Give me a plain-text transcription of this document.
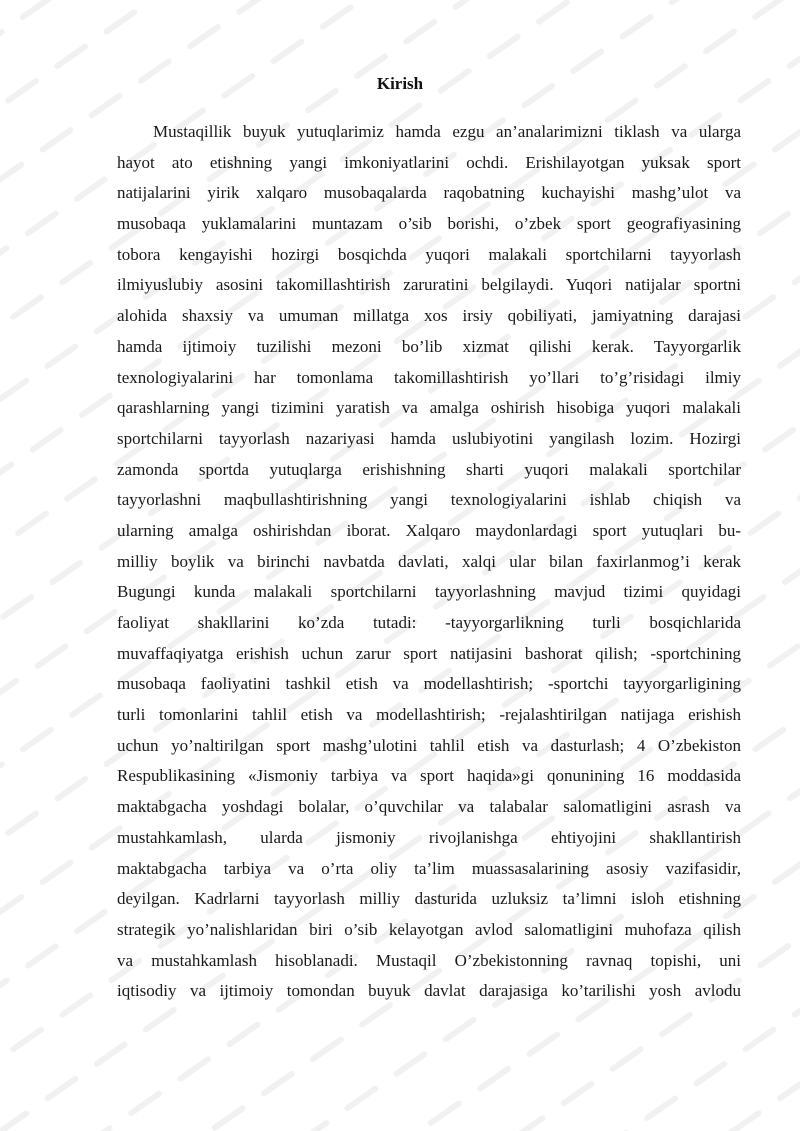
Kirish
Mustaqillik buyuk yutuqlarimiz hamda ezgu an’analarimizni tiklash va ularga
hayot ato etishning yangi imkoniyatlarini ochdi. Erishilayotgan yuksak sport
natijalarini yirik xalqaro musobaqalarda raqobatning kuchayishi mashg’ulot va
musobaqa yuklamalarini muntazam o’sib borishi, o’zbek sport geografiyasining
tobora kengayishi hozirgi bosqichda yuqori malakali sportchilarni tayyorlash
ilmiyuslubiy asosini takomillashtirish zaruratini belgilaydi. Yuqori natijalar sportni
alohida shaxsiy va umuman millatga xos irsiy qobiliyati, jamiyatning darajasi
hamda ijtimoiy tuzilishi mezoni bo’lib xizmat qilishi kerak. Tayyorgarlik
texnologiyalarini har tomonlama takomillashtirish yo’llari to’g’risidagi ilmiy
qarashlarning yangi tizimini yaratish va amalga oshirish hisobiga yuqori malakali
sportchilarni tayyorlash nazariyasi hamda uslubiyotini yangilash lozim. Hozirgi
zamonda sportda yutuqlarga erishishning sharti yuqori malakali sportchilar
tayyorlashni maqbullashtirishning yangi texnologiyalarini ishlab chiqish va
ularning amalga oshirishdan iborat. Xalqaro maydonlardagi sport yutuqlari bu-
milliy boylik va birinchi navbatda davlati, xalqi ular bilan faxirlanmog’i kerak
Bugungi kunda malakali sportchilarni tayyorlashning mavjud tizimi quyidagi
faoliyat shakllarini ko’zda tutadi: -tayyorgarlikning turli bosqichlarida
muvaffaqiyatga erishish uchun zarur sport natijasini bashorat qilish; -sportchining
musobaqa faoliyatini tashkil etish va modellashtirish; -sportchi tayyorgarligining
turli tomonlarini tahlil etish va modellashtirish; -rejalashtirilgan natijaga erishish
uchun yo’naltirilgan sport mashg’ulotini tahlil etish va dasturlash; 4 O’zbekiston
Respublikasining «Jismoniy tarbiya va sport haqida»gi qonunining 16 moddasida
maktabgacha yoshdagi bolalar, o’quvchilar va talabalar salomatligini asrash va
mustahkamlash, ularda jismoniy rivojlanishga ehtiyojini shakllantirish
maktabgacha tarbiya va o’rta oliy ta’lim muassasalarining asosiy vazifasidir,
deyilgan. Kadrlarni tayyorlash milliy dasturida uzluksiz ta’limni isloh etishning
strategik yo’nalishlaridan biri o’sib kelayotgan avlod salomatligini muhofaza qilish
va mustahkamlash hisoblanadi. Mustaqil O’zbekistonning ravnaq topishi, uni
iqtisodiy va ijtimoiy tomondan buyuk davlat darajasiga ko’tarilishi yosh avlodu
